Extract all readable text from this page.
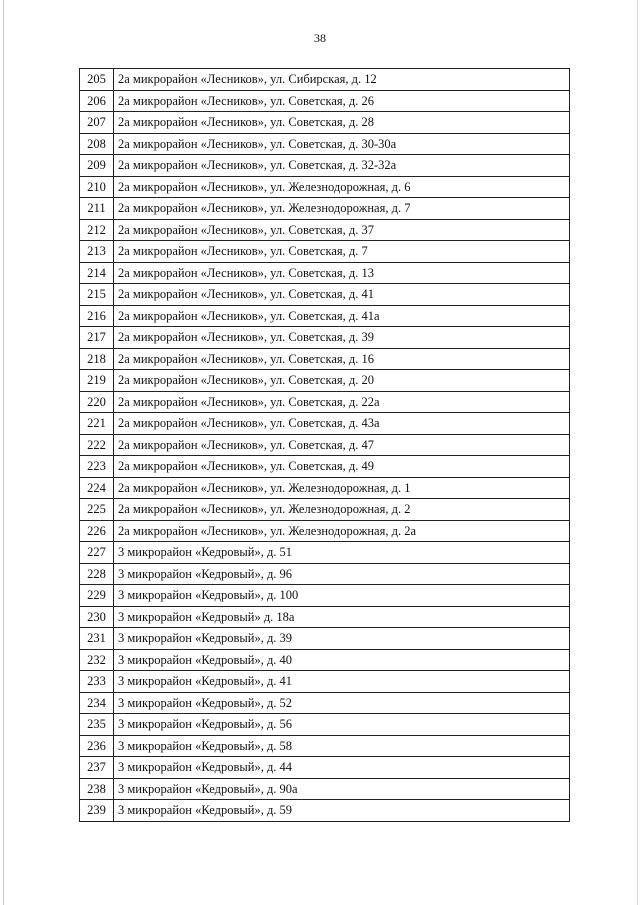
38
205	2а микрорайон «Лесников», ул. Сибирская, д. 12
206	2а микрорайон «Лесников», ул. Советская, д. 26
207	2а микрорайон «Лесников», ул. Советская, д. 28
208	2а микрорайон «Лесников», ул. Советская, д. 30-30а
209	2а микрорайон «Лесников», ул. Советская, д. 32-32а
210	2а микрорайон «Лесников», ул. Железнодорожная, д. 6
211	2а микрорайон «Лесников», ул. Железнодорожная, д. 7
212	2а микрорайон «Лесников», ул. Советская, д. 37
213	2а микрорайон «Лесников», ул. Советская, д. 7
214	2а микрорайон «Лесников», ул. Советская, д. 13
215	2а микрорайон «Лесников», ул. Советская, д. 41
216	2а микрорайон «Лесников», ул. Советская, д. 41а
217	2а микрорайон «Лесников», ул. Советская, д. 39
218	2а микрорайон «Лесников», ул. Советская, д. 16
219	2а микрорайон «Лесников», ул. Советская, д. 20
220	2а микрорайон «Лесников», ул. Советская, д. 22а
221	2а микрорайон «Лесников», ул. Советская, д. 43а
222	2а микрорайон «Лесников», ул. Советская, д. 47
223	2а микрорайон «Лесников», ул. Советская, д. 49
224	2а микрорайон «Лесников», ул. Железнодорожная, д. 1
225	2а микрорайон «Лесников», ул. Железнодорожная, д. 2
226	2а микрорайон «Лесников», ул. Железнодорожная, д. 2а
227	3 микрорайон «Кедровый», д. 51
228	3 микрорайон «Кедровый», д. 96
229	3 микрорайон «Кедровый», д. 100
230	3 микрорайон «Кедровый» д. 18а
231	3 микрорайон «Кедровый», д. 39
232	3 микрорайон «Кедровый», д. 40
233	3 микрорайон «Кедровый», д. 41
234	3 микрорайон «Кедровый», д. 52
235	3 микрорайон «Кедровый», д. 56
236	3 микрорайон «Кедровый», д. 58
237	3 микрорайон «Кедровый», д. 44
238	3 микрорайон «Кедровый», д. 90а
239	3 микрорайон «Кедровый», д. 59
